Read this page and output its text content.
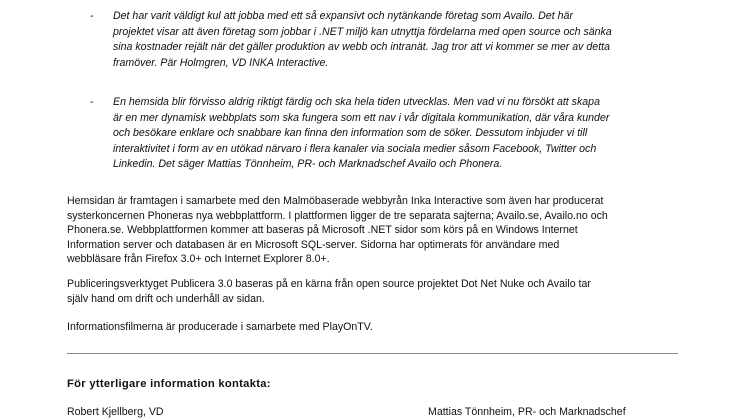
- Det har varit väldigt kul att jobba med ett så expansivt och nytänkande företag som Availo. Det här
projektet visar att även företag som jobbar i .NET miljö kan utnyttja fördelarna med open source och sänka
sina kostnader rejält när det gäller produktion av webb och intranät. Jag tror att vi kommer se mer av detta
framöver. Pär Holmgren, VD INKA Interactive.
- En hemsida blir förvisso aldrig riktigt färdig och ska hela tiden utvecklas. Men vad vi nu försökt att skapa
är en mer dynamisk webbplats som ska fungera som ett nav i vår digitala kommunikation, där våra kunder
och besökare enklare och snabbare kan finna den information som de söker. Dessutom inbjuder vi till
interaktivitet i form av en utökad närvaro i flera kanaler via sociala medier såsom Facebook, Twitter och
Linkedin. Det säger Mattias Tönnheim, PR- och Marknadschef Availo och Phonera.
Hemsidan är framtagen i samarbete med den Malmöbaserade webbyrån Inka Interactive som även har producerat
systerkoncernen Phoneras nya webbplattform. I plattformen ligger de tre separata sajterna; Availo.se, Availo.no och
Phonera.se. Webbplattformen kommer att baseras på Microsoft .NET sidor som körs på en Windows Internet
Information server och databasen är en Microsoft SQL-server. Sidorna har optimerats för användare med
webbläsare från Firefox 3.0+ och Internet Explorer 8.0+.
Publiceringsverktyget Publicera 3.0 baseras på en kärna från open source projektet Dot Net Nuke och Availo tar
själv hand om drift och underhåll av sidan.
Informationsfilmerna är producerade i samarbete med PlayOnTV.
För ytterligare information kontakta:
Robert Kjellberg, VD	Mattias Tönnheim, PR- och Marknadschef
